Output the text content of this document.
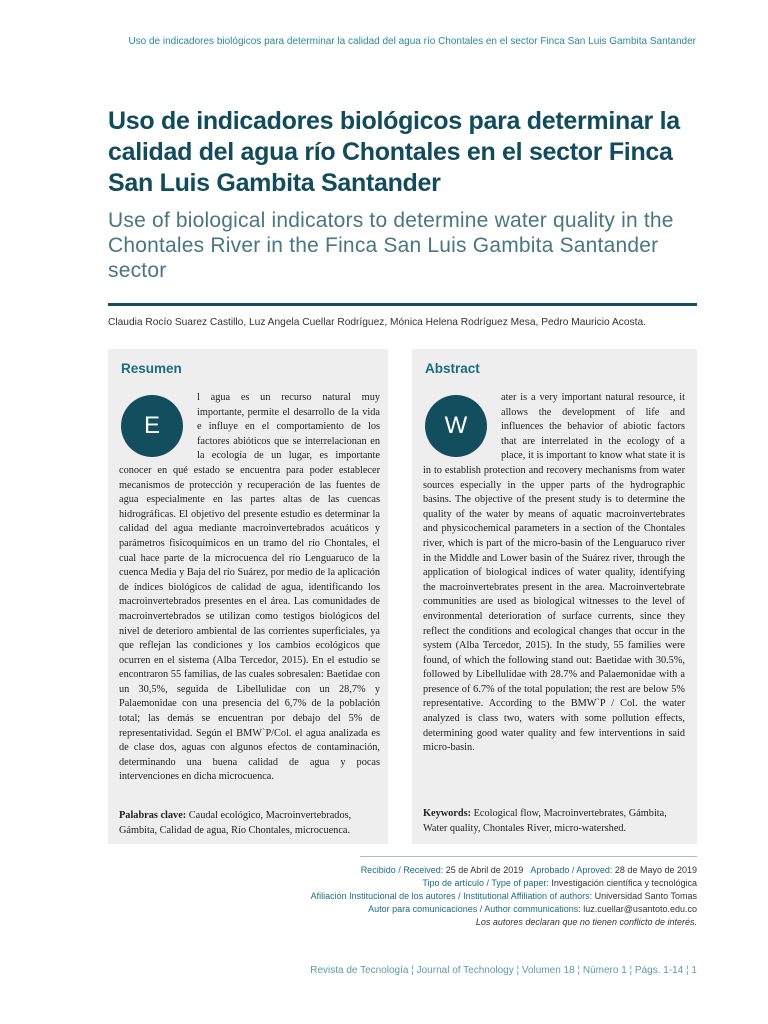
Uso de indicadores biológicos para determinar la calidad del agua río Chontales en el sector Finca San Luis Gambita Santander
Uso de indicadores biológicos para determinar la calidad del agua río Chontales en el sector Finca San Luis Gambita Santander
Use of biological indicators to determine water quality in the Chontales River in the Finca San Luis Gambita Santander sector
Claudia Rocío Suarez Castillo, Luz Angela Cuellar Rodríguez, Mónica Helena Rodríguez Mesa, Pedro Mauricio Acosta.
Resumen
E
l agua es un recurso natural muy importante, permite el desarrollo de la vida e influye en el comportamiento de los factores abióticos que se interrelacionan en la ecología de un lugar, es importante conocer en qué estado se encuentra para poder establecer mecanismos de protección y recuperación de las fuentes de agua especialmente en las partes altas de las cuencas hidrográficas. El objetivo del presente estudio es determinar la calidad del agua mediante macroinvertebrados acuáticos y parámetros fisicoquímicos en un tramo del río Chontales, el cual hace parte de la microcuenca del río Lenguaruco de la cuenca Media y Baja del río Suárez, por medio de la aplicación de índices biológicos de calidad de agua, identificando los macroinvertebrados presentes en el área. Las comunidades de macroinvertebrados se utilizan como testigos biológicos del nivel de deterioro ambiental de las corrientes superficiales, ya que reflejan las condiciones y los cambios ecológicos que ocurren en el sistema (Alba Tercedor, 2015). En el estudio se encontraron 55 familias, de las cuales sobresalen: Baetidae con un 30,5%, seguida de Libellulidae con un 28,7% y Palaemonidae con una presencia del 6,7% de la población total; las demás se encuentran por debajo del 5% de representatividad. Según el BMW`P/Col. el agua analizada es de clase dos, aguas con algunos efectos de contaminación, determinando una buena calidad de agua y pocas intervenciones en dicha microcuenca.
Palabras clave: Caudal ecológico, Macroinvertebrados, Gámbita, Calidad de agua, Río Chontales, microcuenca.
Abstract
W
ater is a very important natural resource, it allows the development of life and influences the behavior of abiotic factors that are interrelated in the ecology of a place, it is important to know what state it is in to establish protection and recovery mechanisms from water sources especially in the upper parts of the hydrographic basins. The objective of the present study is to determine the quality of the water by means of aquatic macroinvertebrates and physicochemical parameters in a section of the Chontales river, which is part of the micro-basin of the Lenguaruco river in the Middle and Lower basin of the Suárez river, through the application of biological indices of water quality, identifying the macroinvertebrates present in the area. Macroinvertebrate communities are used as biological witnesses to the level of environmental deterioration of surface currents, since they reflect the conditions and ecological changes that occur in the system (Alba Tercedor, 2015). In the study, 55 families were found, of which the following stand out: Baetidae with 30.5%, followed by Libellulidae with 28.7% and Palaemonidae with a presence of 6.7% of the total population; the rest are below 5% representative. According to the BMW`P / Col. the water analyzed is class two, waters with some pollution effects, determining good water quality and few interventions in said micro-basin.
Keywords: Ecological flow, Macroinvertebrates, Gámbita, Water quality, Chontales River, micro-watershed.
Recibido / Received: 25 de Abril de 2019 Aprobado / Aproved: 28 de Mayo de 2019
Tipo de artículo / Type of paper: Investigación científica y tecnológica
Afiliación Institucional de los autores / Institutional Affiliation of authors: Universidad Santo Tomas
Autor para comunicaciones / Author communications: luz.cuellar@usantoto.edu.co
Los autores declaran que no tienen conflicto de interés.
Revista de Tecnología ¦ Journal of Technology ¦ Volumen 18 ¦ Número 1 ¦ Págs. 1-14 ¦ 1
